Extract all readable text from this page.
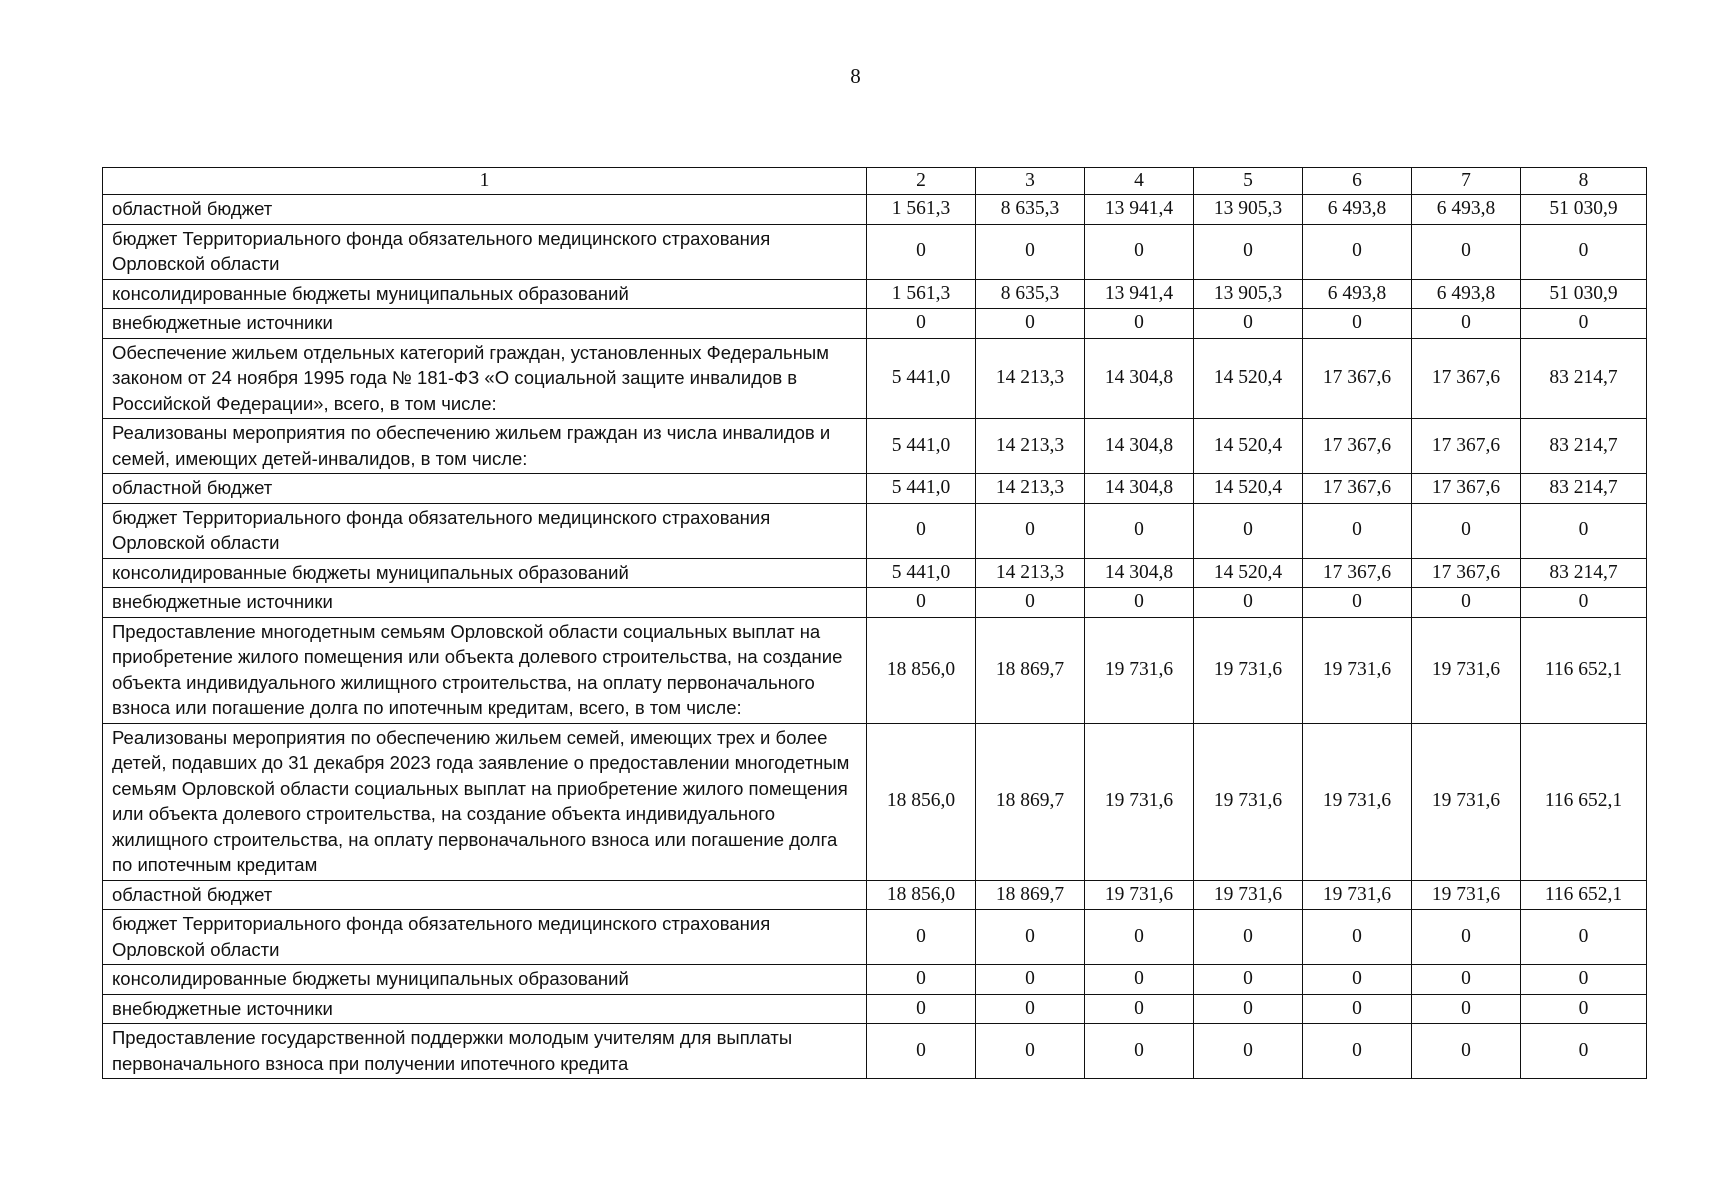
8
1	2	3	4	5	6	7	8
областной бюджет	1 561,3	8 635,3	13 941,4	13 905,3	6 493,8	6 493,8	51 030,9
бюджет Территориального фонда обязательного медицинского страхования Орловской области	0	0	0	0	0	0	0
консолидированные бюджеты муниципальных образований	1 561,3	8 635,3	13 941,4	13 905,3	6 493,8	6 493,8	51 030,9
внебюджетные источники	0	0	0	0	0	0	0
Обеспечение жильем отдельных категорий граждан, установленных Федеральным законом от 24 ноября 1995 года № 181-ФЗ «О социальной защите инвалидов в Российской Федерации», всего, в том числе:	5 441,0	14 213,3	14 304,8	14 520,4	17 367,6	17 367,6	83 214,7
Реализованы мероприятия по обеспечению жильем граждан из числа инвалидов и семей, имеющих детей-инвалидов, в том числе:	5 441,0	14 213,3	14 304,8	14 520,4	17 367,6	17 367,6	83 214,7
областной бюджет	5 441,0	14 213,3	14 304,8	14 520,4	17 367,6	17 367,6	83 214,7
бюджет Территориального фонда обязательного медицинского страхования Орловской области	0	0	0	0	0	0	0
консолидированные бюджеты муниципальных образований	5 441,0	14 213,3	14 304,8	14 520,4	17 367,6	17 367,6	83 214,7
внебюджетные источники	0	0	0	0	0	0	0
Предоставление многодетным семьям Орловской области социальных выплат на приобретение жилого помещения или объекта долевого строительства, на создание объекта индивидуального жилищного строительства, на оплату первоначального взноса или погашение долга по ипотечным кредитам, всего, в том числе:	18 856,0	18 869,7	19 731,6	19 731,6	19 731,6	19 731,6	116 652,1
Реализованы мероприятия по обеспечению жильем семей, имеющих трех и более детей, подавших до 31 декабря 2023 года заявление о предоставлении многодетным семьям Орловской области социальных выплат на приобретение жилого помещения или объекта долевого строительства, на создание объекта индивидуального жилищного строительства, на оплату первоначального взноса или погашение долга по ипотечным кредитам	18 856,0	18 869,7	19 731,6	19 731,6	19 731,6	19 731,6	116 652,1
областной бюджет	18 856,0	18 869,7	19 731,6	19 731,6	19 731,6	19 731,6	116 652,1
бюджет Территориального фонда обязательного медицинского страхования Орловской области	0	0	0	0	0	0	0
консолидированные бюджеты муниципальных образований	0	0	0	0	0	0	0
внебюджетные источники	0	0	0	0	0	0	0
Предоставление государственной поддержки молодым учителям для выплаты первоначального взноса при получении ипотечного кредита	0	0	0	0	0	0	0
